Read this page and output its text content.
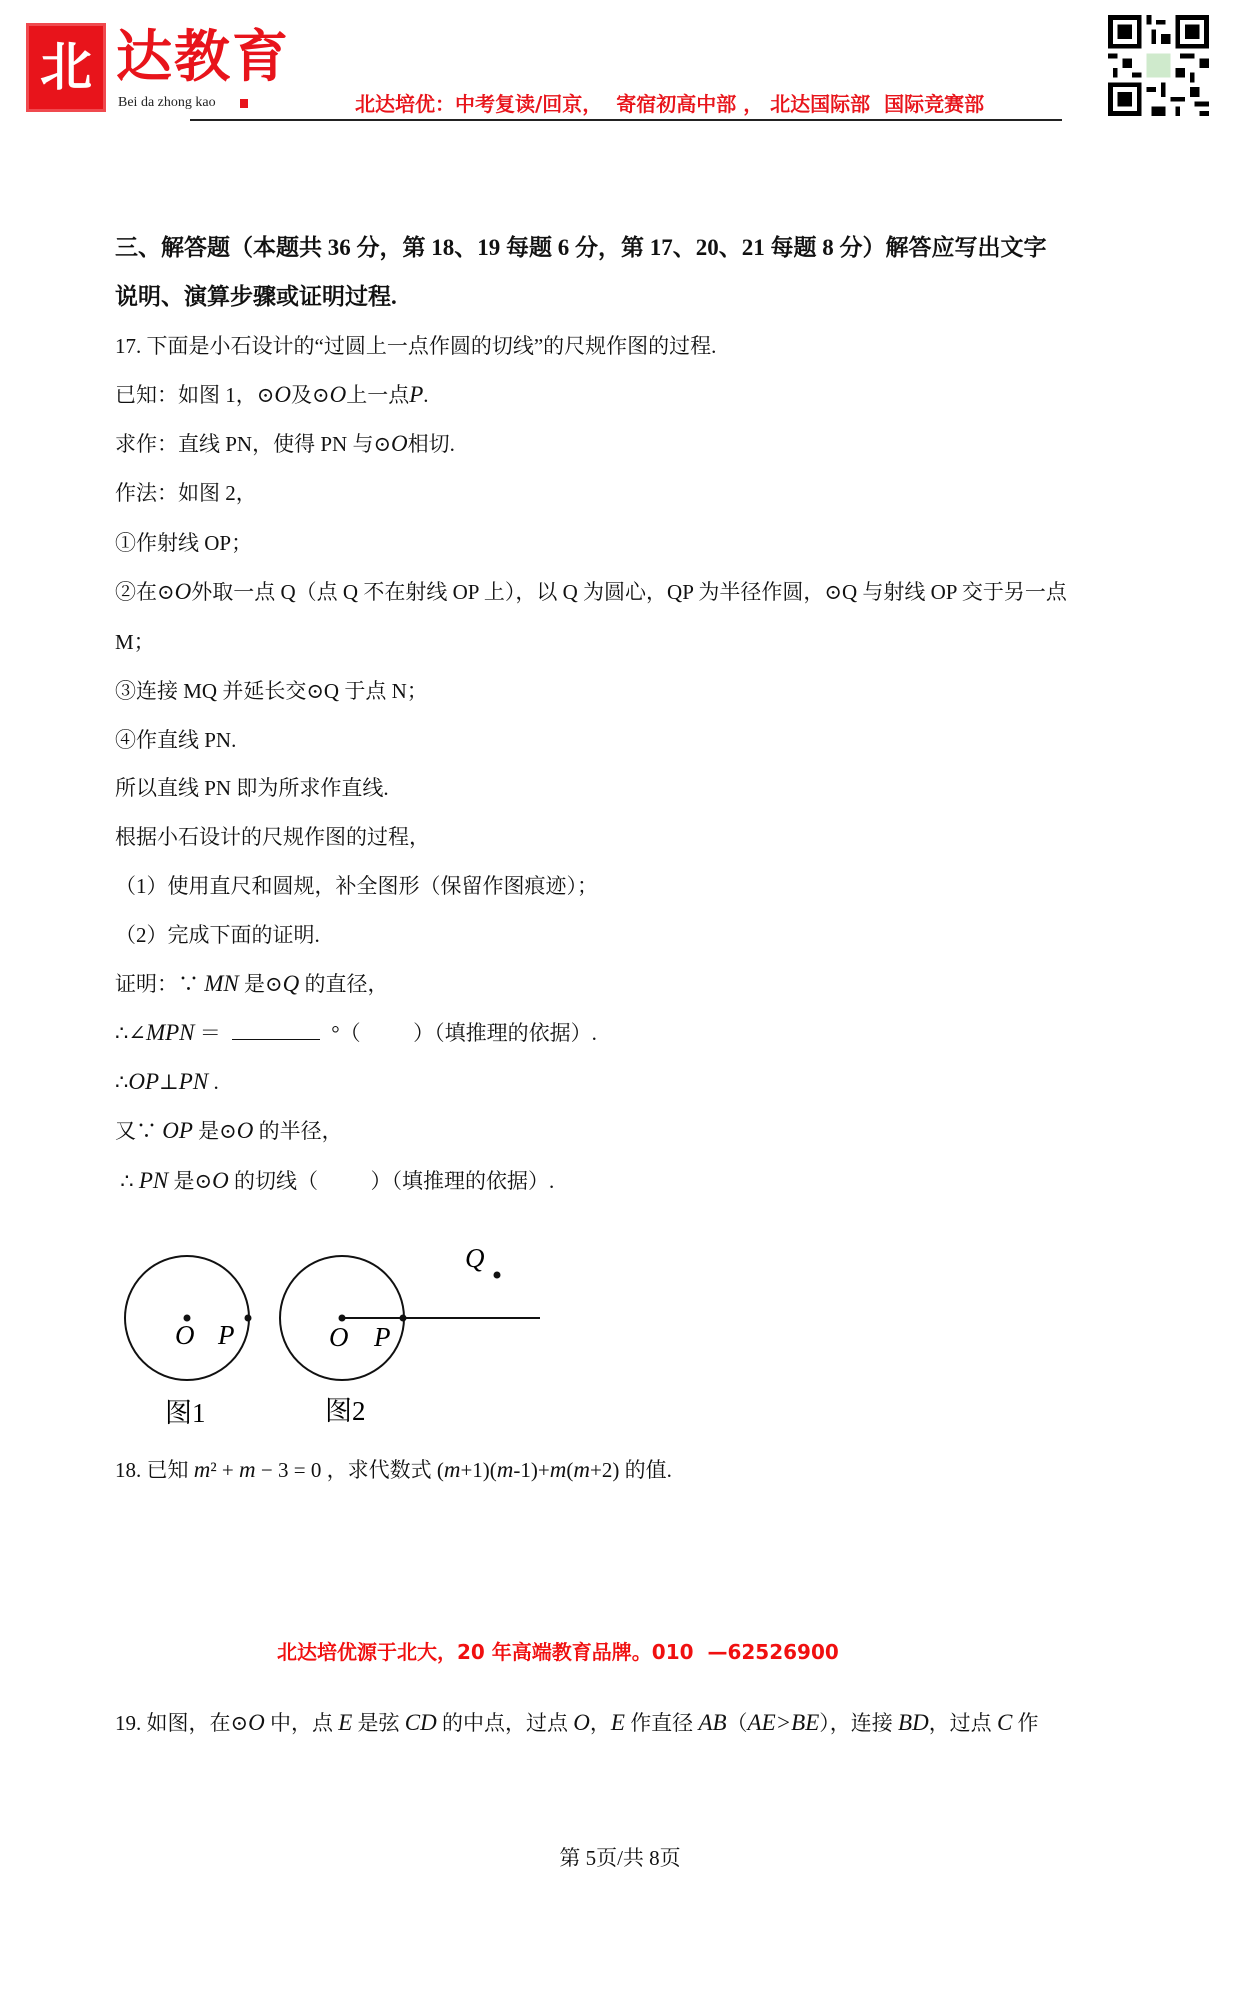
北 达教育
Bei da zhong kao	北达培优：中考复读/回京，  寄宿初高中部 ， 北达国际部  国际竞赛部
三、解答题（本题共 36 分，第 18、19 每题 6 分，第 17、20、21 每题 8 分）解答应写出文字
说明、演算步骤或证明过程.
17. 下面是小石设计的“过圆上一点作圆的切线”的尺规作图的过程.
已知：如图 1，⊙O及⊙O上一点P.
求作：直线 PN，使得 PN 与⊙O相切.
作法：如图 2，
①作射线 OP；
②在⊙O外取一点 Q（点 Q 不在射线 OP 上），以 Q 为圆心，QP 为半径作圆，⊙Q 与射线 OP 交于另一点
M；
③连接 MQ 并延长交⊙Q 于点 N；
④作直线 PN.
所以直线 PN 即为所求作直线.
根据小石设计的尺规作图的过程，
（1）使用直尺和圆规，补全图形（保留作图痕迹）；
（2）完成下面的证明.
证明：∵ MN 是⊙Q 的直径，
∴∠MPN ＝	°（          ）（填推理的依据）.
∴OP⊥PN .
又∵ OP 是⊙O 的半径，
∴ PN 是⊙O 的切线（          ）（填推理的依据）.
O P
图1
O P
Q
图2
18. 已知 m² + m − 3 = 0 ，求代数式 (m+1)(m-1)+m(m+2) 的值.
北达培优源于北大，20 年高端教育品牌。010  —62526900
19. 如图，在⊙O 中，点 E 是弦 CD 的中点，过点 O，E 作直径 AB（AE>BE），连接 BD，过点 C 作
第 5页/共 8页
